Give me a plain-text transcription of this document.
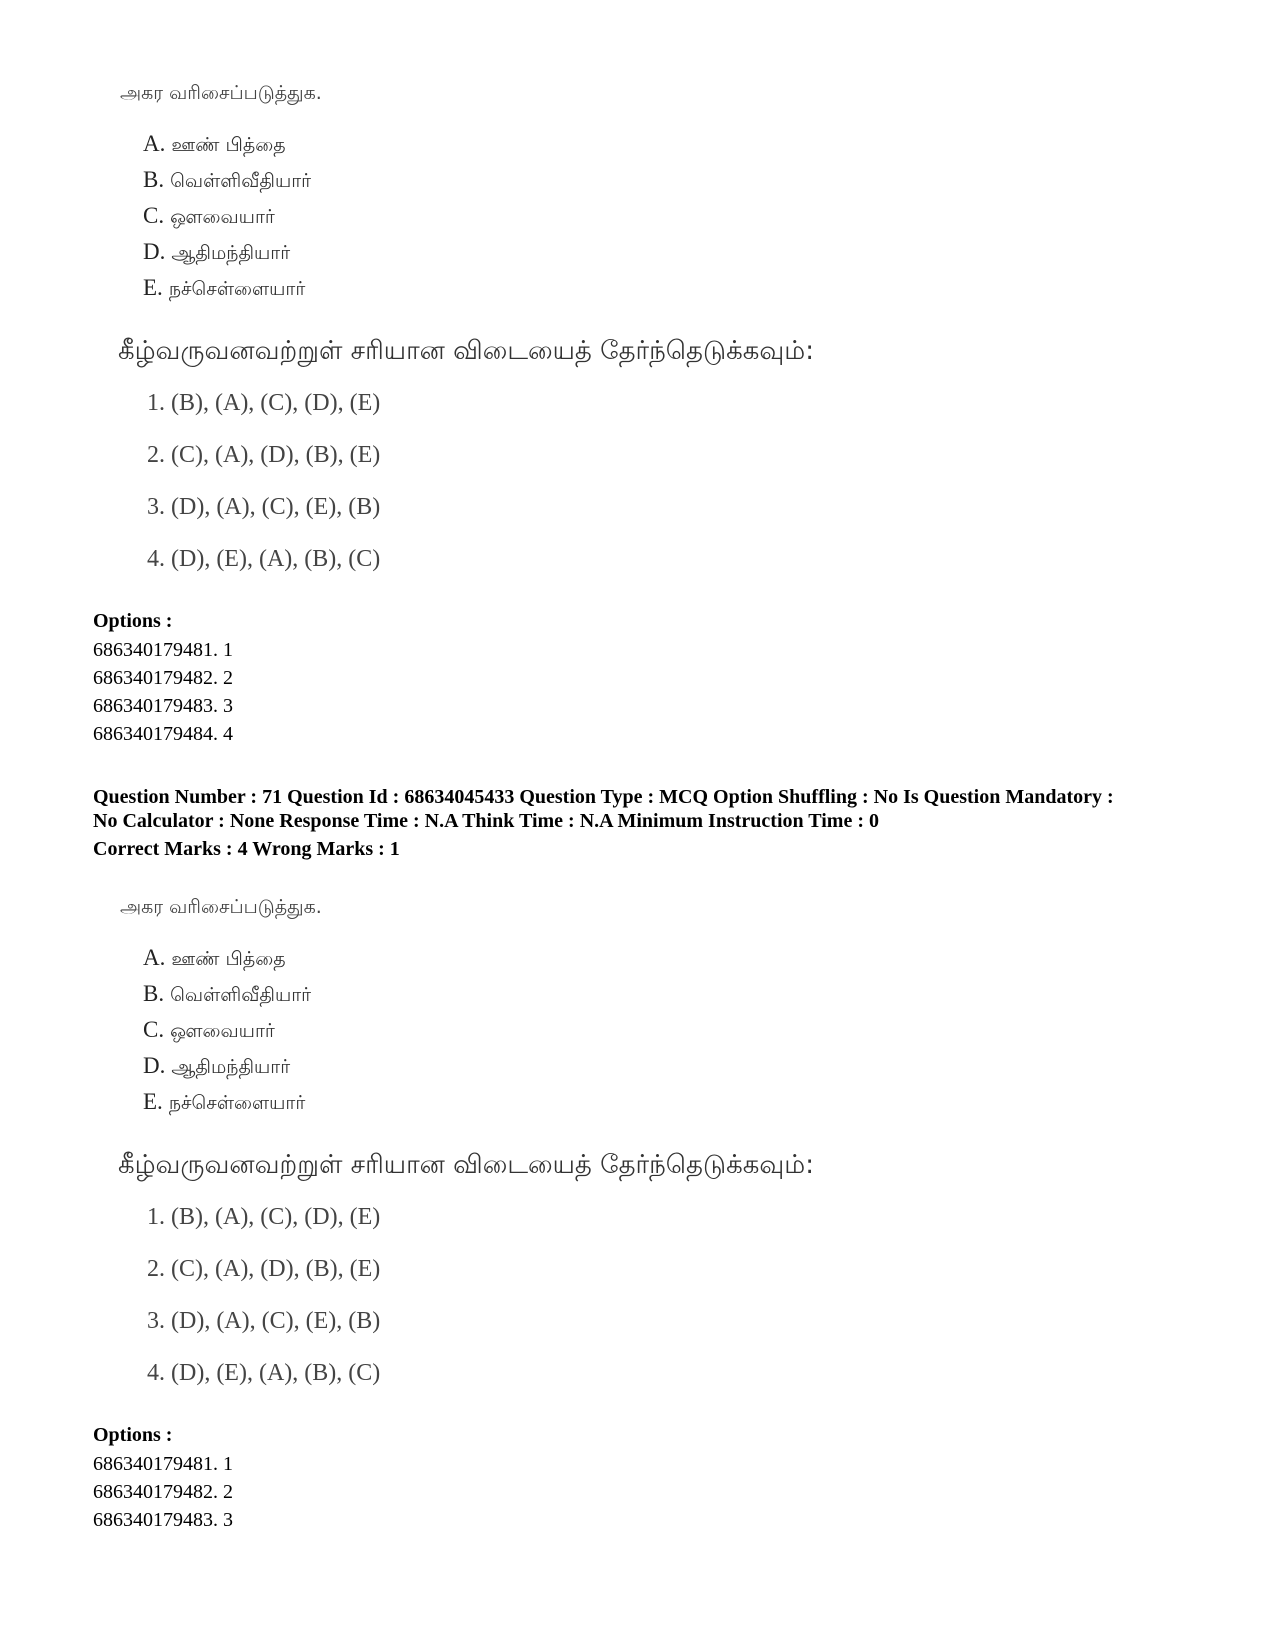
அகர வரிசைப்படுத்துக.
A. ஊண் பித்தை
B. வெள்ளிவீதியார்
C. ஔவையார்
D. ஆதிமந்தியார்
E. நச்செள்ளையார்
கீழ்வருவனவற்றுள் சரியான விடையைத் தேர்ந்தெடுக்கவும்:
1. (B), (A), (C), (D), (E)
2. (C), (A), (D), (B), (E)
3. (D), (A), (C), (E), (B)
4. (D), (E), (A), (B), (C)
Options :
686340179481. 1
686340179482. 2
686340179483. 3
686340179484. 4
Question Number : 71 Question Id : 68634045433 Question Type : MCQ Option Shuffling : No Is Question Mandatory :
No Calculator : None Response Time : N.A Think Time : N.A Minimum Instruction Time : 0
Correct Marks : 4 Wrong Marks : 1
அகர வரிசைப்படுத்துக.
A. ஊண் பித்தை
B. வெள்ளிவீதியார்
C. ஔவையார்
D. ஆதிமந்தியார்
E. நச்செள்ளையார்
கீழ்வருவனவற்றுள் சரியான விடையைத் தேர்ந்தெடுக்கவும்:
1. (B), (A), (C), (D), (E)
2. (C), (A), (D), (B), (E)
3. (D), (A), (C), (E), (B)
4. (D), (E), (A), (B), (C)
Options :
686340179481. 1
686340179482. 2
686340179483. 3
